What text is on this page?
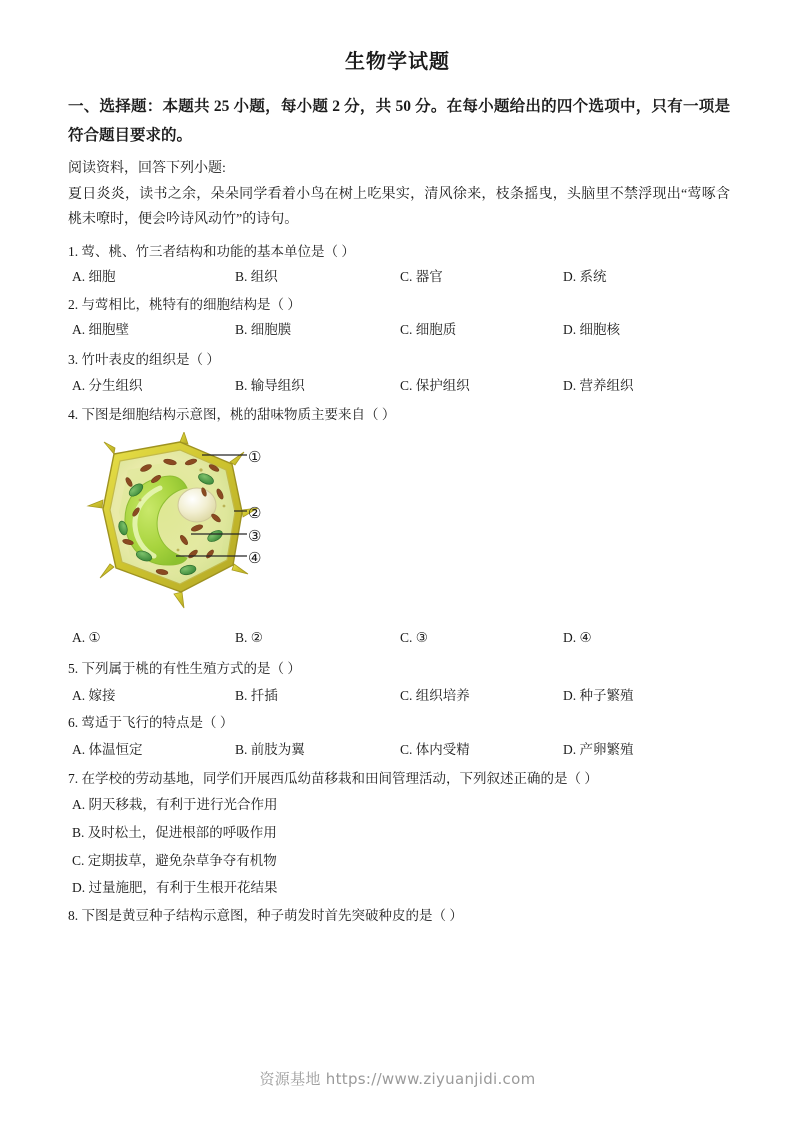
生物学试题
一、选择题：本题共 25 小题，每小题 2 分，共 50 分。在每小题给出的四个选项中，只有一项是符合题目要求的。
阅读资料，回答下列小题:
夏日炎炎，读书之余，朵朵同学看着小鸟在树上吃果实，清风徐来，枝条摇曳，头脑里不禁浮现出“莺啄含桃未嘹时，便会吟诗风动竹”的诗句。
1. 莺、桃、竹三者结构和功能的基本单位是（ ）
A. 细胞	B. 组织	C. 器官	D. 系统
2. 与莺相比，桃特有的细胞结构是（ ）
A. 细胞壁	B. 细胞膜	C. 细胞质	D. 细胞核
3. 竹叶表皮的组织是（ ）
A. 分生组织	B. 输导组织	C. 保护组织	D. 营养组织
4. 下图是细胞结构示意图，桃的甜味物质主要来自（ ）
①
②
③
④
A. ①	B. ②	C. ③	D. ④
5. 下列属于桃的有性生殖方式的是（ ）
A. 嫁接	B. 扦插	C. 组织培养	D. 种子繁殖
6. 莺适于飞行的特点是（ ）
A. 体温恒定	B. 前肢为翼	C. 体内受精	D. 产卵繁殖
7. 在学校的劳动基地，同学们开展西瓜幼苗移栽和田间管理活动，下列叙述正确的是（ ）
A. 阴天移栽，有利于进行光合作用
B. 及时松土，促进根部的呼吸作用
C. 定期拔草，避免杂草争夺有机物
D. 过量施肥，有利于生根开花结果
8. 下图是黄豆种子结构示意图，种子萌发时首先突破种皮的是（ ）
资源基地 https://www.ziyuanjidi.com
